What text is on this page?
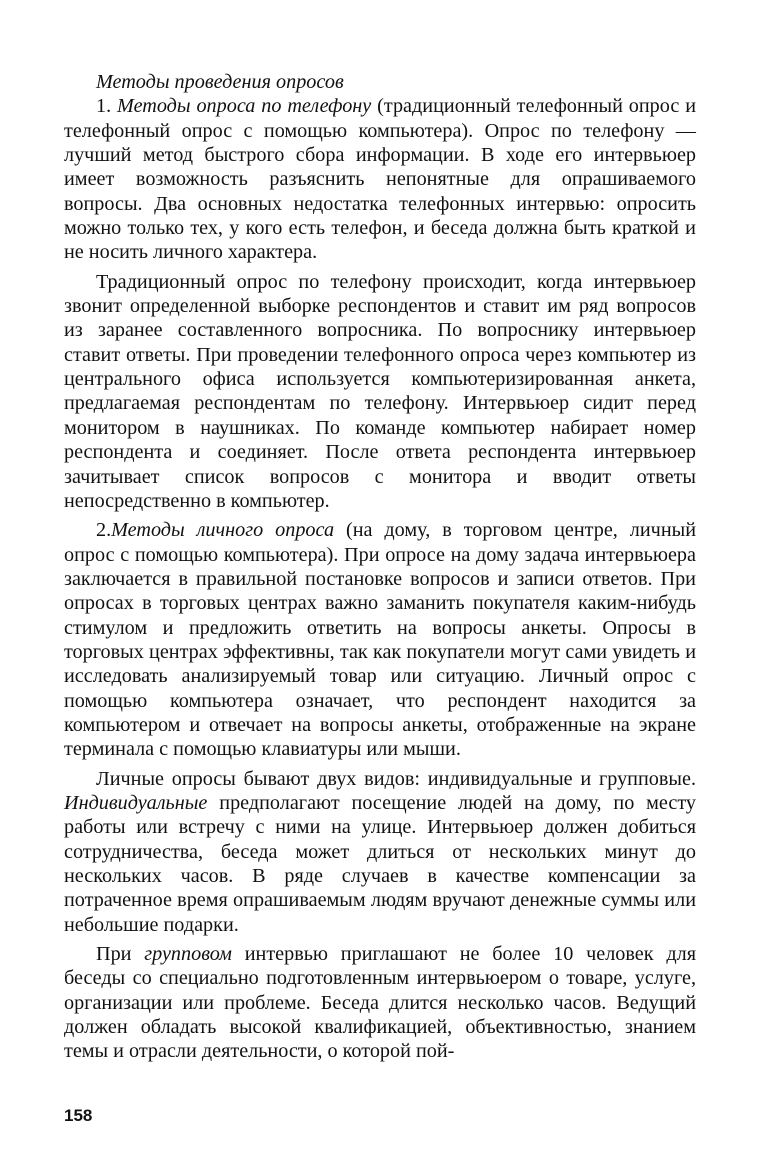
Методы проведения опросов

1. Методы опроса по телефону (традиционный телефонный опрос и телефонный опрос с помощью компьютера). Опрос по телефону — лучший метод быстрого сбора информации. В ходе его интервьюер имеет возможность разъяснить непонятные для опрашиваемого вопросы. Два основных недостатка телефонных интервью: опросить можно только тех, у кого есть телефон, и беседа должна быть краткой и не носить личного характера.

Традиционный опрос по телефону происходит, когда интервьюер звонит определенной выборке респондентов и ставит им ряд вопросов из заранее составленного вопросника. По вопроснику интервьюер ставит ответы. При проведении телефонного опроса через компьютер из центрального офиса используется компьютеризированная анкета, предлагаемая респондентам по телефону. Интервьюер сидит перед монитором в наушниках. По команде компьютер набирает номер респондента и соединяет. После ответа респондента интервьюер зачитывает список вопросов с монитора и вводит ответы непосредственно в компьютер.

2.Методы личного опроса (на дому, в торговом центре, личный опрос с помощью компьютера). При опросе на дому задача интервьюера заключается в правильной постановке вопросов и записи ответов. При опросах в торговых центрах важно заманить покупателя каким-нибудь стимулом и предложить ответить на вопросы анкеты. Опросы в торговых центрах эффективны, так как покупатели могут сами увидеть и исследовать анализируемый товар или ситуацию. Личный опрос с помощью компьютера означает, что респондент находится за компьютером и отвечает на вопросы анкеты, отображенные на экране терминала с помощью клавиатуры или мыши.

Личные опросы бывают двух видов: индивидуальные и групповые. Индивидуальные предполагают посещение людей на дому, по месту работы или встречу с ними на улице. Интервьюер должен добиться сотрудничества, беседа может длиться от нескольких минут до нескольких часов. В ряде случаев в качестве компенсации за потраченное время опрашиваемым людям вручают денежные суммы или небольшие подарки.

При групповом интервью приглашают не более 10 человек для беседы со специально подготовленным интервьюером о товаре, услуге, организации или проблеме. Беседа длится несколько часов. Ведущий должен обладать высокой квалификацией, объективностью, знанием темы и отрасли деятельности, о которой пой-

158
